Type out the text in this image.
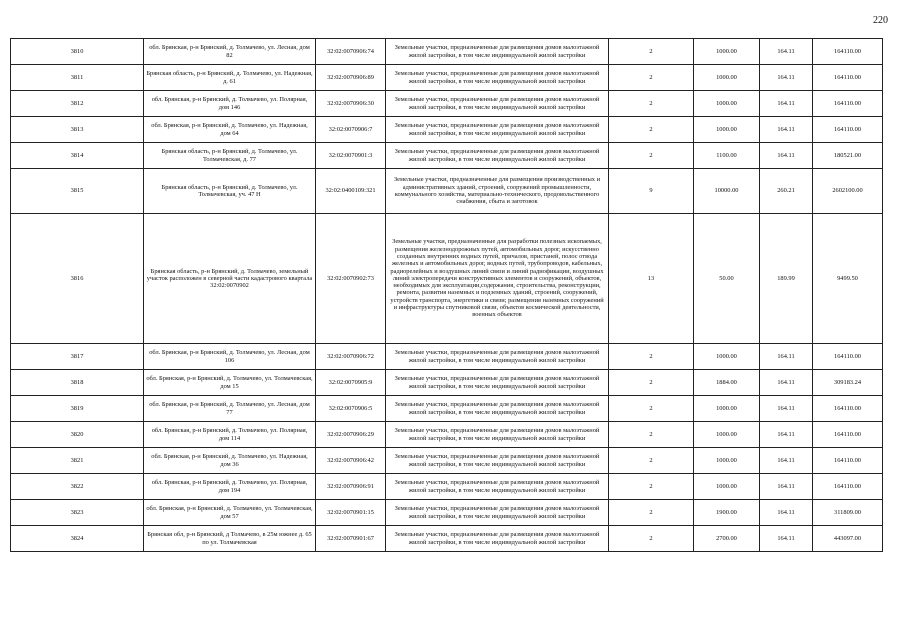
220
3810	обл. Брянская, р-н Брянский, д. Толмачево, ул. Лесная, дом 82	32:02:0070906:74	Земельные участки, предназначенные для размещения домов малоэтажной жилой застройки, в том числе индивидуальной жилой застройки	2	1000.00	164.11	164110.00
3811	Брянская область, р-н Брянский, д. Толмачево, ул. Надежная, д. 61	32:02:0070906:89	Земельные участки, предназначенные для размещения домов малоэтажной жилой застройки, в том числе индивидуальной жилой застройки	2	1000.00	164.11	164110.00
3812	обл. Брянская, р-н Брянский, д. Толмачево, ул. Полярная, дом 146	32:02:0070906:30	Земельные участки, предназначенные для размещения домов малоэтажной жилой застройки, в том числе индивидуальной жилой застройки	2	1000.00	164.11	164110.00
3813	обл. Брянская, р-н Брянский, д. Толмачево, ул. Надежная, дом 64	32:02:0070906:7	Земельные участки, предназначенные для размещения домов малоэтажной жилой застройки, в том числе индивидуальной жилой застройки	2	1000.00	164.11	164110.00
3814	Брянская область, р-н Брянский, д. Толмачево, ул. Толмачевская, д. 77	32:02:0070901:3	Земельные участки, предназначенные для размещения домов малоэтажной жилой застройки, в том числе индивидуальной жилой застройки	2	1100.00	164.11	180521.00
3815	Брянская область, р-н Брянский, д. Толмачево, ул. Толмачевская, уч. 47 Н	32:02:0400109:321	Земельные участки, предназначенные для размещения производственных и административных зданий, строений, сооружений промышленности, коммунального хозяйства, материально-технического, продовольственного снабжения, сбыта и заготовок	9	10000.00	260.21	2602100.00
3816	Брянская область, р-н Брянский, д. Толмачево, земельный участок расположен в северной части кадастрового квартала 32:02:0070902	32:02:0070902:73	Земельные участки, предназначенные для разработки полезных ископаемых, размещения железнодорожных путей, автомобильных дорог, искусственно созданных внутренних водных путей, причалов, пристаней, полос отвода железных и автомобильных дорог, водных путей, трубопроводов, кабельных, радиорелейных и воздушных линий связи и линий радиофикации, воздушных линий электропередачи конструктивных элементов и сооружений, объектов, необходимых для эксплуатации,содержания, строительства, реконструкции, ремонта, развития наземных и подземных зданий, строений, сооружений, устройств транспорта, энергетики и связи; размещения наземных сооружений и инфраструктуры спутниковой связи, объектов космической деятельности, военных объектов	13	50.00	189.99	9499.50
3817	обл. Брянская, р-н Брянский, д. Толмачево, ул. Лесная, дом 106	32:02:0070906:72	Земельные участки, предназначенные для размещения домов малоэтажной жилой застройки, в том числе индивидуальной жилой застройки	2	1000.00	164.11	164110.00
3818	обл. Брянская, р-н Брянский, д. Толмачево, ул. Толмачевская, дом 15	32:02:0070905:9	Земельные участки, предназначенные для размещения домов малоэтажной жилой застройки, в том числе индивидуальной жилой застройки	2	1884.00	164.11	309183.24
3819	обл. Брянская, р-н Брянский, д. Толмачево, ул. Лесная, дом 77	32:02:0070906:5	Земельные участки, предназначенные для размещения домов малоэтажной жилой застройки, в том числе индивидуальной жилой застройки	2	1000.00	164.11	164110.00
3820	обл. Брянская, р-н Брянский, д. Толмачево, ул. Полярная, дом 114	32:02:0070906:29	Земельные участки, предназначенные для размещения домов малоэтажной жилой застройки, в том числе индивидуальной жилой застройки	2	1000.00	164.11	164110.00
3821	обл. Брянская, р-н Брянский, д. Толмачево, ул. Надежная, дом 36	32:02:0070906:42	Земельные участки, предназначенные для размещения домов малоэтажной жилой застройки, в том числе индивидуальной жилой застройки	2	1000.00	164.11	164110.00
3822	обл. Брянская, р-н Брянский, д. Толмачево, ул. Полярная, дом 194	32:02:0070906:91	Земельные участки, предназначенные для размещения домов малоэтажной жилой застройки, в том числе индивидуальной жилой застройки	2	1000.00	164.11	164110.00
3823	обл. Брянская, р-н Брянский, д. Толмачево, ул. Толмачевская, дом 57	32:02:0070901:15	Земельные участки, предназначенные для размещения домов малоэтажной жилой застройки, в том числе индивидуальной жилой застройки	2	1900.00	164.11	311809.00
3824	Брянская обл, р-н Брянский, д Толмачево, в 25м южнее д. 65 по ул. Толмачевская	32:02:0070901:67	Земельные участки, предназначенные для размещения домов малоэтажной жилой застройки, в том числе индивидуальной жилой застройки	2	2700.00	164.11	443097.00
